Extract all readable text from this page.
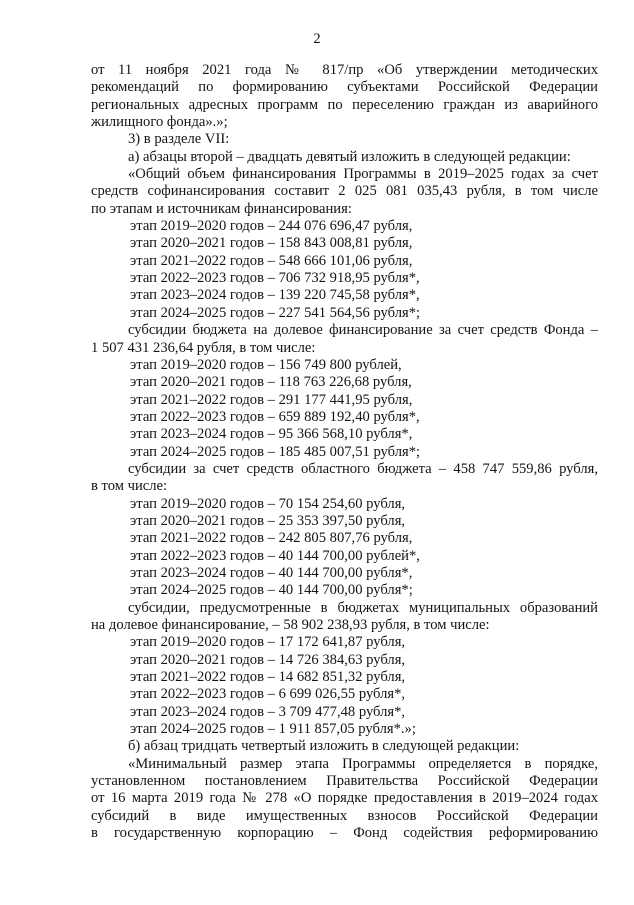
2
от 11 ноября 2021 года № 817/пр «Об утверждении методических
рекомендаций по формированию субъектами Российской Федерации
региональных адресных программ по переселению граждан из аварийного
жилищного фонда».»;
3) в разделе VII:
а) абзацы второй – двадцать девятый изложить в следующей редакции:
«Общий объем финансирования Программы в 2019–2025 годах за счет
средств софинансирования составит 2 025 081 035,43 рубля, в том числе
по этапам и источникам финансирования:
этап 2019–2020 годов – 244 076 696,47 рубля,
этап 2020–2021 годов – 158 843 008,81 рубля,
этап 2021–2022 годов – 548 666 101,06 рубля,
этап 2022–2023 годов – 706 732 918,95 рубля*,
этап 2023–2024 годов – 139 220 745,58 рубля*,
этап 2024–2025 годов – 227 541 564,56 рубля*;
субсидии бюджета на долевое финансирование за счет средств Фонда –
1 507 431 236,64 рубля, в том числе:
этап 2019–2020 годов – 156 749 800 рублей,
этап 2020–2021 годов – 118 763 226,68 рубля,
этап 2021–2022 годов – 291 177 441,95 рубля,
этап 2022–2023 годов – 659 889 192,40 рубля*,
этап 2023–2024 годов – 95 366 568,10 рубля*,
этап 2024–2025 годов – 185 485 007,51 рубля*;
субсидии за счет средств областного бюджета – 458 747 559,86 рубля,
в том числе:
этап 2019–2020 годов – 70 154 254,60 рубля,
этап 2020–2021 годов – 25 353 397,50 рубля,
этап 2021–2022 годов – 242 805 807,76 рубля,
этап 2022–2023 годов – 40 144 700,00 рублей*,
этап 2023–2024 годов – 40 144 700,00 рубля*,
этап 2024–2025 годов – 40 144 700,00 рубля*;
субсидии, предусмотренные в бюджетах муниципальных образований
на долевое финансирование, – 58 902 238,93 рубля, в том числе:
этап 2019–2020 годов – 17 172 641,87 рубля,
этап 2020–2021 годов – 14 726 384,63 рубля,
этап 2021–2022 годов – 14 682 851,32 рубля,
этап 2022–2023 годов – 6 699 026,55 рубля*,
этап 2023–2024 годов – 3 709 477,48 рубля*,
этап 2024–2025 годов – 1 911 857,05 рубля*.»;
б) абзац тридцать четвертый изложить в следующей редакции:
«Минимальный размер этапа Программы определяется в порядке,
установленном постановлением Правительства Российской Федерации
от 16 марта 2019 года № 278 «О порядке предоставления в 2019–2024 годах
субсидий в виде имущественных взносов Российской Федерации
в государственную корпорацию – Фонд содействия реформированию
